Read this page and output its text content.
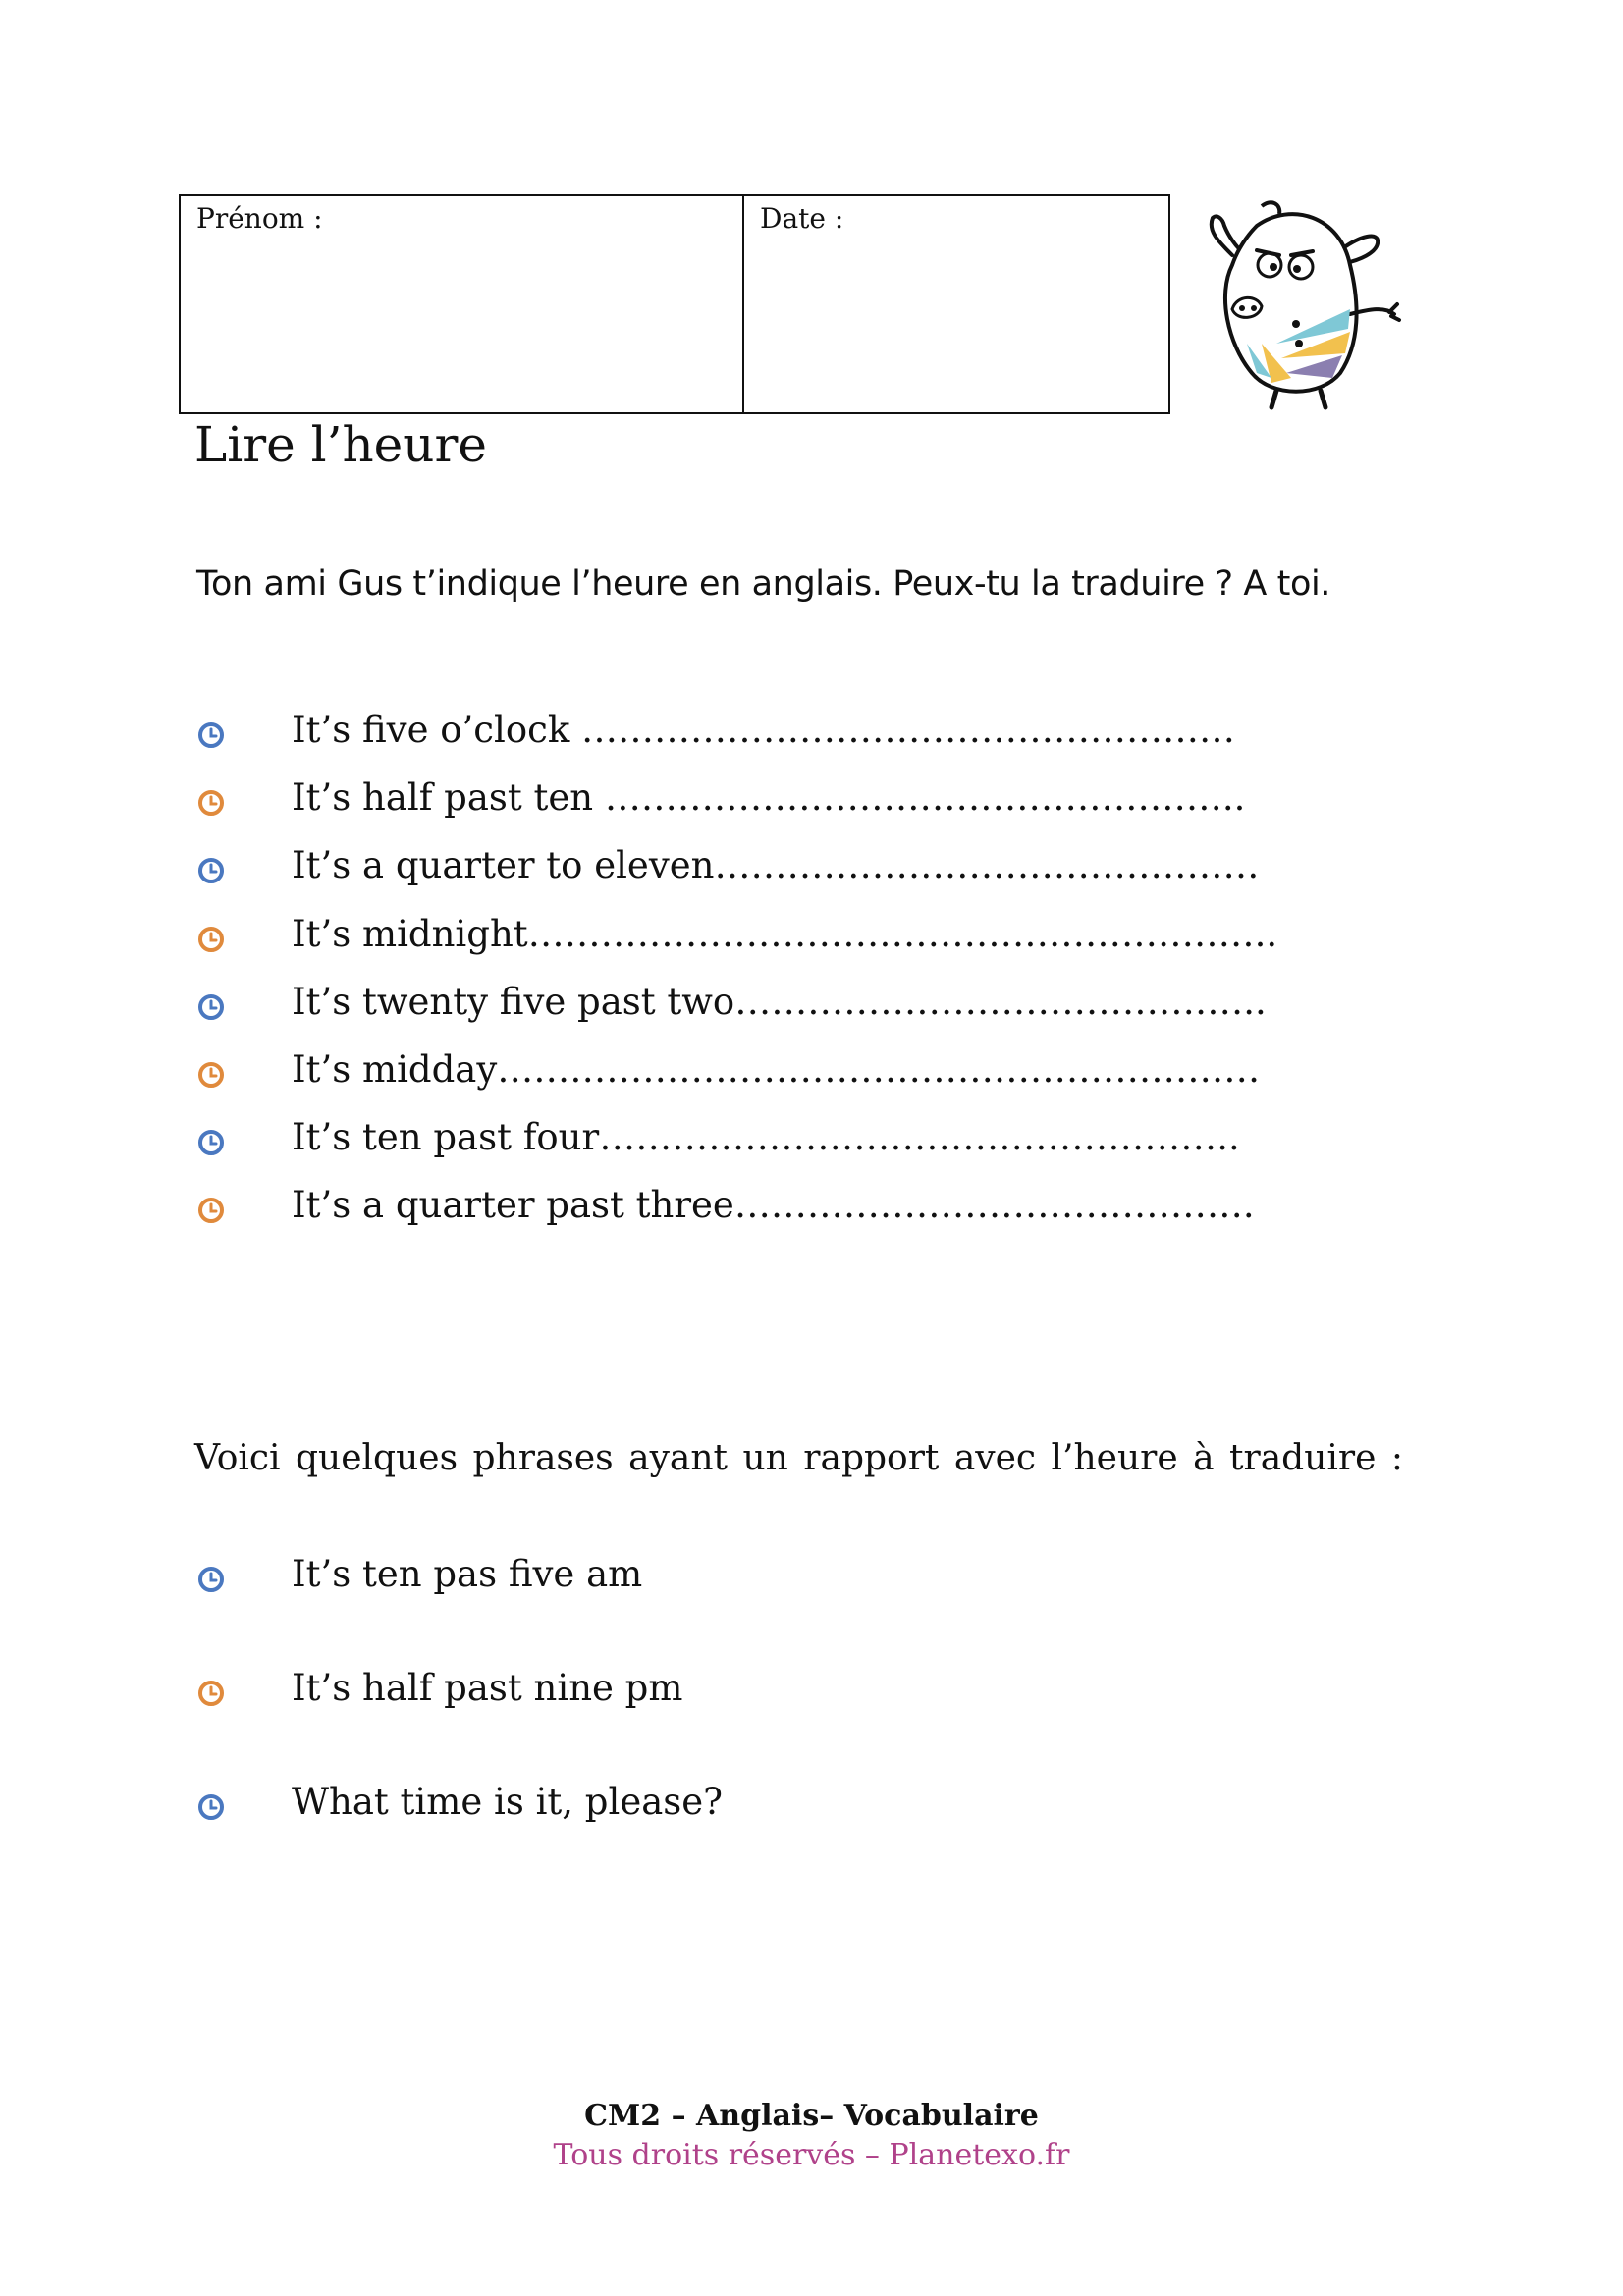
Prénom :	Date :
Lire l’heure
Ton ami Gus t’indique l’heure en anglais. Peux-tu la traduire ? A toi.
It’s five o’clock ………………………………………………
It’s half past ten ……………………………………………..
It’s a quarter to eleven………………………………………
It’s midnight……………………………………………………..
It’s twenty five past two……………………………………..
It’s midday………………………………………………………
It’s ten past four……………………………………………..
It’s a quarter past three…………………………………….
Voici quelques phrases ayant un rapport avec l’heure à traduire :
It’s ten pas five am
It’s half past nine pm
What time is it, please?
CM2 – Anglais– Vocabulaire
Tous droits réservés – Planetexo.fr
